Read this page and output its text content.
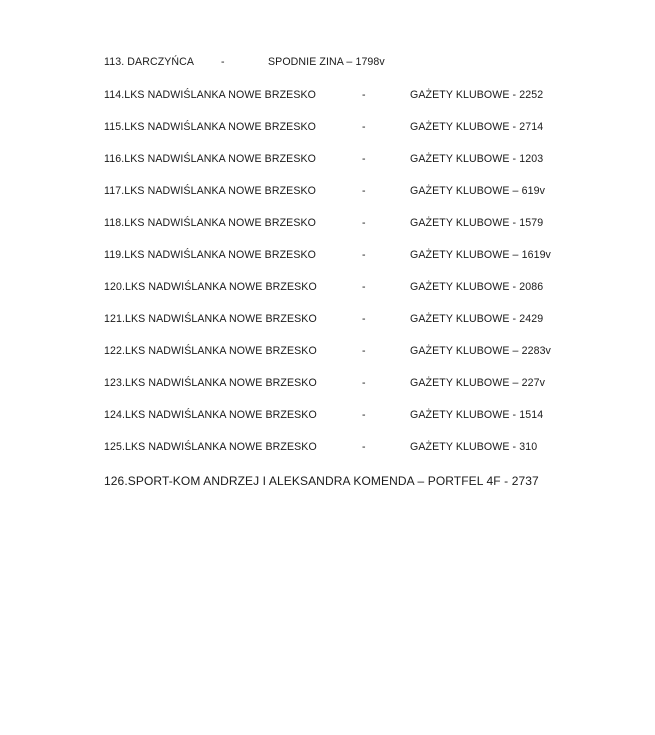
113. DARCZYŃCA	-	SPODNIE ZINA – 1798v
114.LKS NADWIŚLANKA NOWE BRZESKO	-	GAŻETY KLUBOWE - 2252
115.LKS NADWIŚLANKA NOWE BRZESKO	-	GAŻETY KLUBOWE - 2714
116.LKS NADWIŚLANKA NOWE BRZESKO	-	GAŻETY KLUBOWE - 1203
117.LKS NADWIŚLANKA NOWE BRZESKO	-	GAŻETY KLUBOWE – 619v
118.LKS NADWIŚLANKA NOWE BRZESKO	-	GAŻETY KLUBOWE - 1579
119.LKS NADWIŚLANKA NOWE BRZESKO	-	GAŻETY KLUBOWE – 1619v
120.LKS NADWIŚLANKA NOWE BRZESKO	-	GAŻETY KLUBOWE - 2086
121.LKS NADWIŚLANKA NOWE BRZESKO	-	GAŻETY KLUBOWE - 2429
122.LKS NADWIŚLANKA NOWE BRZESKO	-	GAŻETY KLUBOWE – 2283v
123.LKS NADWIŚLANKA NOWE BRZESKO	-	GAŻETY KLUBOWE – 227v
124.LKS NADWIŚLANKA NOWE BRZESKO	-	GAŻETY KLUBOWE - 1514
125.LKS NADWIŚLANKA NOWE BRZESKO	-	GAŻETY KLUBOWE - 310
126.SPORT-KOM ANDRZEJ I ALEKSANDRA KOMENDA – PORTFEL 4F - 2737
